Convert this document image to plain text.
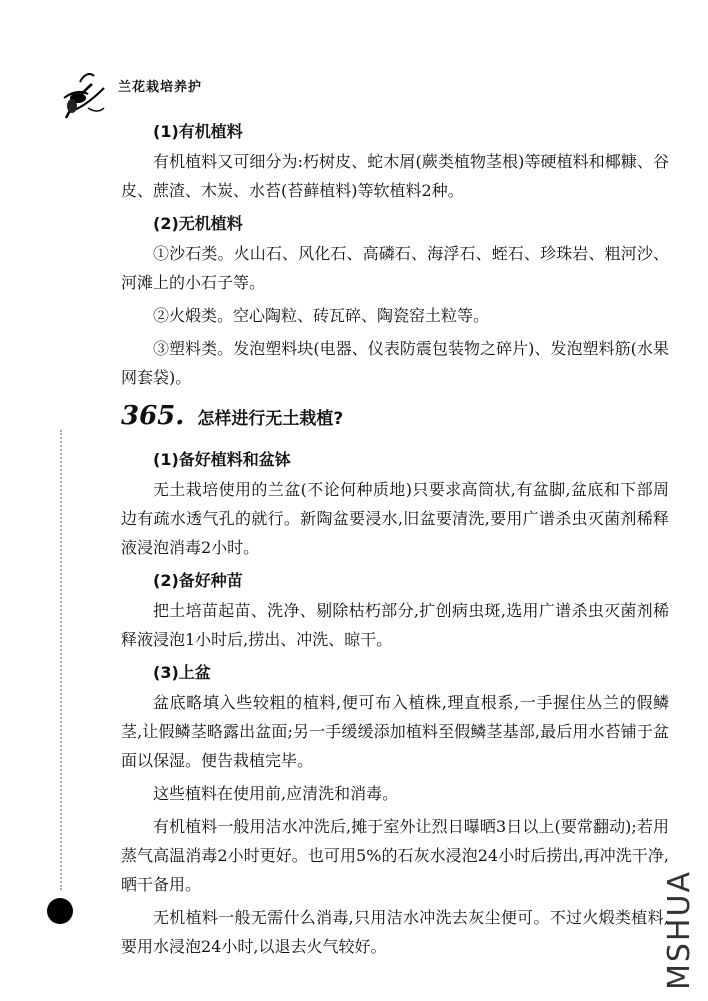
兰花栽培养护
(1)有机植料

有机植料又可细分为:朽树皮、蛇木屑(蕨类植物茎根)等硬植料和椰糠、谷皮、蔗渣、木炭、水苔(苔藓植料)等软植料2种。

(2)无机植料

①沙石类。火山石、风化石、高磷石、海浮石、蛭石、珍珠岩、粗河沙、河滩上的小石子等。

②火煅类。空心陶粒、砖瓦碎、陶瓷窑土粒等。

③塑料类。发泡塑料块(电器、仪表防震包装物之碎片)、发泡塑料筋(水果网套袋)。

365. 怎样进行无土栽植?
(1)备好植料和盆钵

无土栽培使用的兰盆(不论何种质地)只要求高筒状,有盆脚,盆底和下部周边有疏水透气孔的就行。新陶盆要浸水,旧盆要清洗,要用广谱杀虫灭菌剂稀释液浸泡消毒2小时。

(2)备好种苗

把土培苗起苗、洗净、剔除枯朽部分,扩创病虫斑,选用广谱杀虫灭菌剂稀释液浸泡1小时后,捞出、冲洗、晾干。

(3)上盆

盆底略填入些较粗的植料,便可布入植株,理直根系,一手握住丛兰的假鳞茎,让假鳞茎略露出盆面;另一手缓缓添加植料至假鳞茎基部,最后用水苔铺于盆面以保湿。便告栽植完毕。

这些植料在使用前,应清洗和消毒。

有机植料一般用洁水冲洗后,摊于室外让烈日曝晒3日以上(要常翻动);若用蒸气高温消毒2小时更好。也可用5%的石灰水浸泡24小时后捞出,再冲洗干净,晒干备用。

无机植料一般无需什么消毒,只用洁水冲洗去灰尘便可。不过火煅类植料,要用水浸泡24小时,以退去火气较好。	MSHUA
